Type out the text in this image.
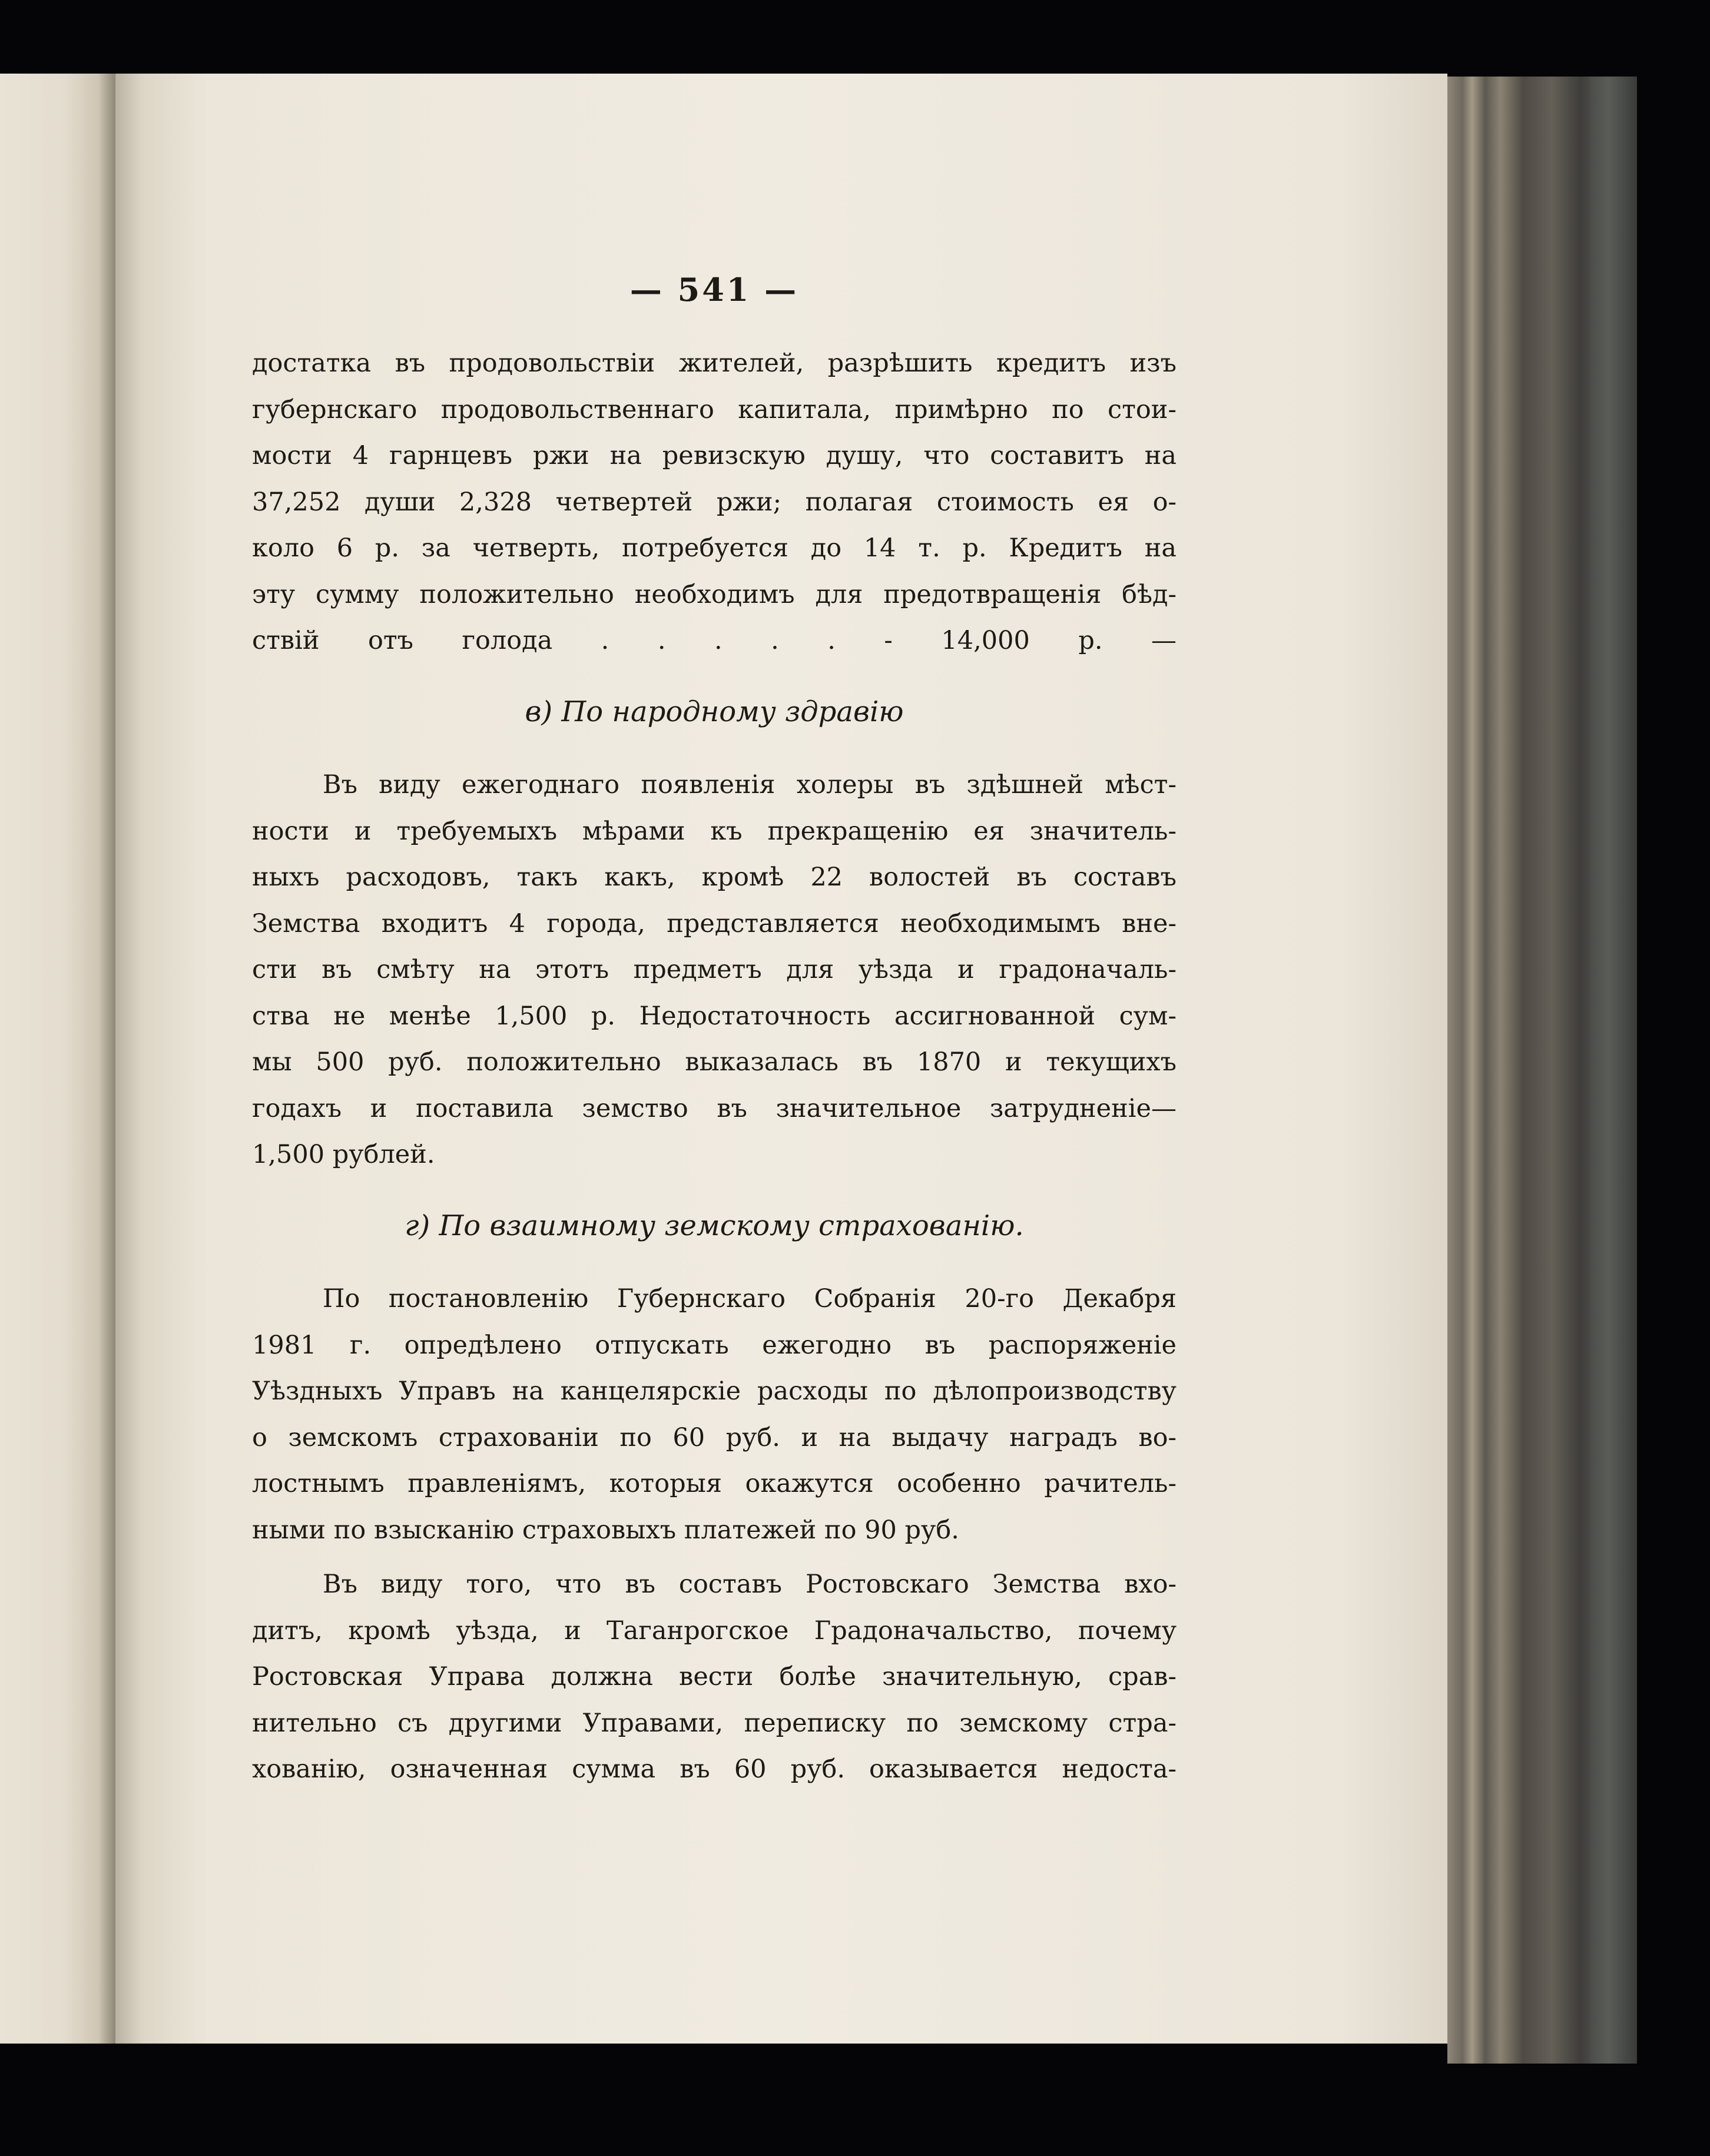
— 541 —
достатка въ продовольствіи жителей, разрѣшить кредитъ изъ
губернскаго продовольственнаго капитала, примѣрно по стои-
мости 4 гарнцевъ ржи на ревизскую душу, что составитъ на
37,252 души 2,328 четвертей ржи; полагая стоимость ея о-
коло 6 р. за четверть, потребуется до 14 т. р. Кредитъ на
эту сумму положительно необходимъ для предотвращенія бѣд-
ствій отъ голода . . . . . - 14,000 р. —
в) По народному здравію
Въ виду ежегоднаго появленія холеры въ здѣшней мѣст-
ности и требуемыхъ мѣрами къ прекращенію ея значитель-
ныхъ расходовъ, такъ какъ, кромѣ 22 волостей въ составъ
Земства входитъ 4 города, представляется необходимымъ вне-
сти въ смѣту на этотъ предметъ для уѣзда и градоначаль-
ства не менѣе 1,500 р. Недостаточность ассигнованной сум-
мы 500 руб. положительно выказалась въ 1870 и текущихъ
годахъ и поставила земство въ значительное затрудненіе—
1,500 рублей.
г) По взаимному земскому страхованію.
По постановленію Губернскаго Собранія 20-го Декабря
1981 г. опредѣлено отпускать ежегодно въ распоряженіе
Уѣздныхъ Управъ на канцелярскіе расходы по дѣлопроизводству
о земскомъ страхованіи по 60 руб. и на выдачу наградъ во-
лостнымъ правленіямъ, которыя окажутся особенно рачитель-
ными по взысканію страховыхъ платежей по 90 руб.
Въ виду того, что въ составъ Ростовскаго Земства вхо-
дитъ, кромѣ уѣзда, и Таганрогское Градоначальство, почему
Ростовская Управа должна вести болѣе значительную, срав-
нительно съ другими Управами, переписку по земскому стра-
хованію, означенная сумма въ 60 руб. оказывается недоста-
